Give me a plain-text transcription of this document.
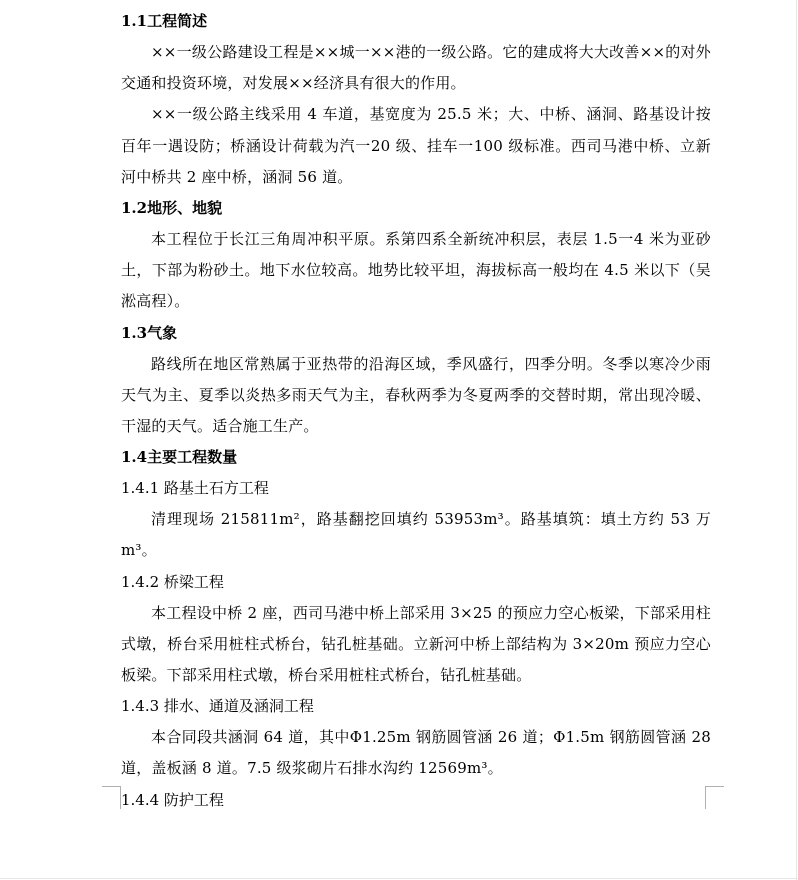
1.1工程简述

××一级公路建设工程是××城一××港的一级公路。它的建成将大大改善××的对外交通和投资环境，对发展××经济具有很大的作用。

××一级公路主线采用 4 车道，基宽度为 25.5 米；大、中桥、涵洞、路基设计按百年一遇设防；桥涵设计荷载为汽一20 级、挂车一100 级标准。西司马港中桥、立新河中桥共 2 座中桥，涵洞 56 道。

1.2地形、地貌

本工程位于长江三角周冲积平原。系第四系全新统冲积层，表层 1.5一4 米为亚砂土，下部为粉砂土。地下水位较高。地势比较平坦，海拔标高一般均在 4.5 米以下（吴淞高程）。

1.3气象

路线所在地区常熟属于亚热带的沿海区域，季风盛行，四季分明。冬季以寒冷少雨天气为主、夏季以炎热多雨天气为主，春秋两季为冬夏两季的交替时期，常出现冷暖、干湿的天气。适合施工生产。

1.4主要工程数量
1.4.1 路基土石方工程

清理现场 215811m²，路基翻挖回填约 53953m³。路基填筑：填土方约 53 万 m³。

1.4.2 桥梁工程

本工程设中桥 2 座，西司马港中桥上部采用 3×25 的预应力空心板梁，下部采用柱式墩，桥台采用桩柱式桥台，钻孔桩基础。立新河中桥上部结构为 3×20m 预应力空心板梁。下部采用柱式墩，桥台采用桩柱式桥台，钻孔桩基础。

1.4.3 排水、通道及涵洞工程

本合同段共涵洞 64 道，其中Φ1.25m 钢筋圆管涵 26 道；Φ1.5m 钢筋圆管涵 28 道，盖板涵 8 道。7.5 级浆砌片石排水沟约 12569m³。

1.4.4 防护工程
